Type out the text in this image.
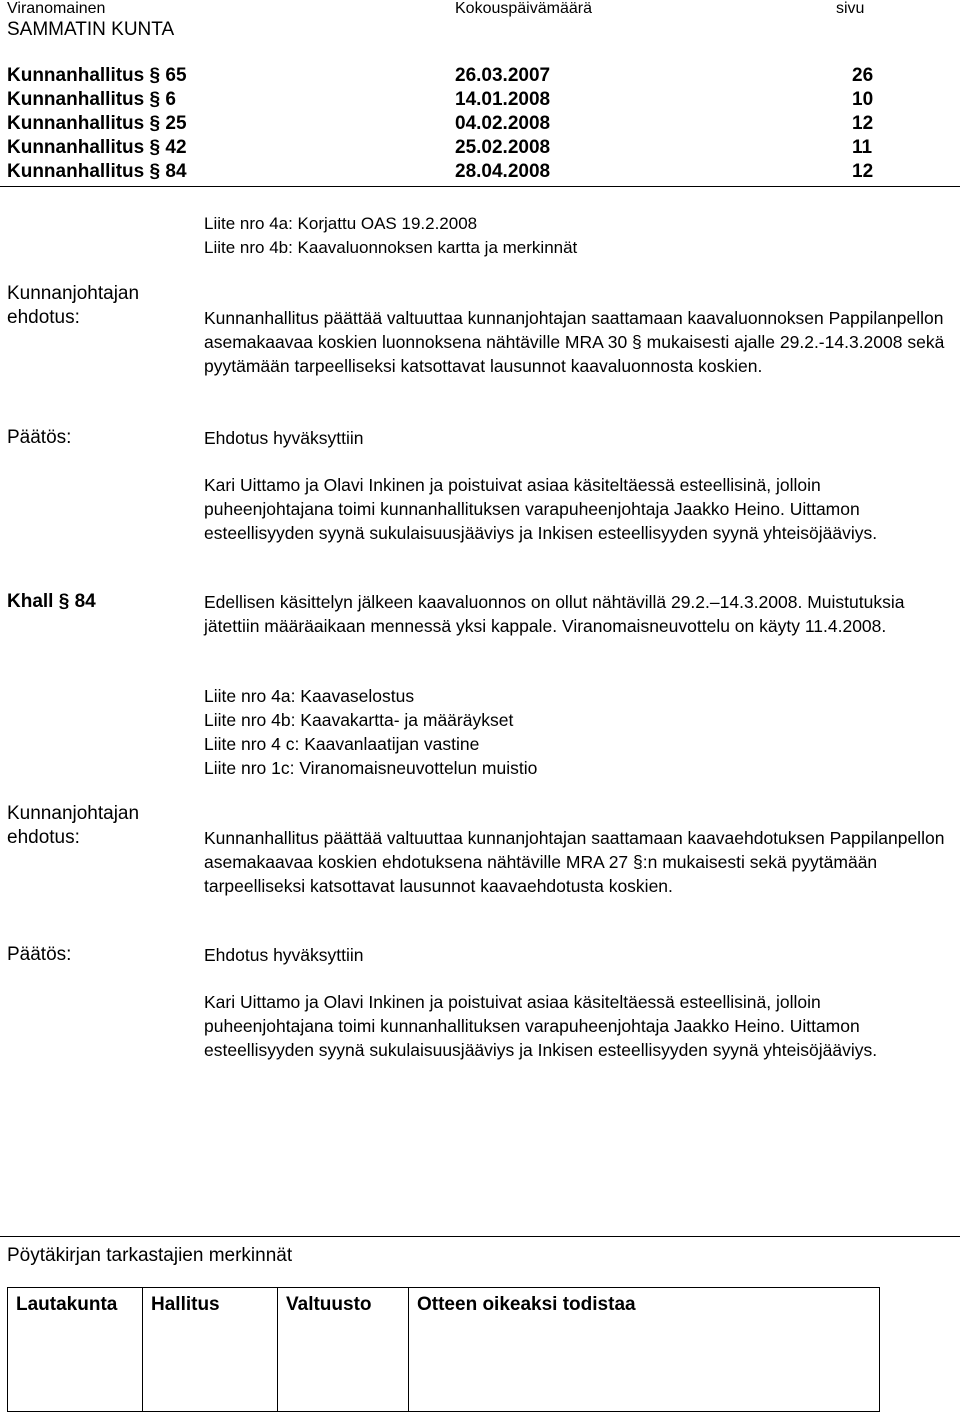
Viranomainen	Kokouspäivämäärä	sivu
SAMMATIN KUNTA
Kunnanhallitus § 65	26.03.2007	26
Kunnanhallitus § 6	14.01.2008	10
Kunnanhallitus § 25	04.02.2008	12
Kunnanhallitus § 42	25.02.2008	11
Kunnanhallitus § 84	28.04.2008	12
Liite nro 4a: Korjattu OAS 19.2.2008
Liite nro 4b: Kaavaluonnoksen kartta ja merkinnät
Kunnanjohtajan
ehdotus:	Kunnanhallitus päättää valtuuttaa kunnanjohtajan saattamaan kaavaluonnoksen Pappilanpellon asemakaavaa koskien luonnoksena nähtäville MRA 30 § mukaisesti ajalle 29.2.-14.3.2008 sekä pyytämään tarpeelliseksi katsottavat lausunnot kaavaluonnosta koskien.
Päätös:	Ehdotus hyväksyttiin
Kari Uittamo ja Olavi Inkinen ja poistuivat asiaa käsiteltäessä esteellisinä, jolloin puheenjohtajana toimi kunnanhallituksen varapuheenjohtaja Jaakko Heino. Uittamon esteellisyyden syynä sukulaisuusjääviys ja Inkisen esteellisyyden syynä yhteisöjääviys.
Khall § 84	Edellisen käsittelyn jälkeen kaavaluonnos on ollut nähtävillä 29.2.–14.3.2008. Muistutuksia jätettiin määräaikaan mennessä yksi kappale. Viranomaisneuvottelu on käyty 11.4.2008.
Liite nro 4a: Kaavaselostus
Liite nro 4b: Kaavakartta- ja määräykset
Liite nro 4 c: Kaavanlaatijan vastine
Liite nro 1c: Viranomaisneuvottelun muistio
Kunnanjohtajan
ehdotus:	Kunnanhallitus päättää valtuuttaa kunnanjohtajan saattamaan kaavaehdotuksen Pappilanpellon asemakaavaa koskien ehdotuksena nähtäville MRA 27 §:n mukaisesti sekä pyytämään tarpeelliseksi katsottavat lausunnot kaavaehdotusta koskien.
Päätös:	Ehdotus hyväksyttiin
Kari Uittamo ja Olavi Inkinen ja poistuivat asiaa käsiteltäessä esteellisinä, jolloin puheenjohtajana toimi kunnanhallituksen varapuheenjohtaja Jaakko Heino. Uittamon esteellisyyden syynä sukulaisuusjääviys ja Inkisen esteellisyyden syynä yhteisöjääviys.
Pöytäkirjan tarkastajien merkinnät
Lautakunta	Hallitus	Valtuusto	Otteen oikeaksi todistaa
